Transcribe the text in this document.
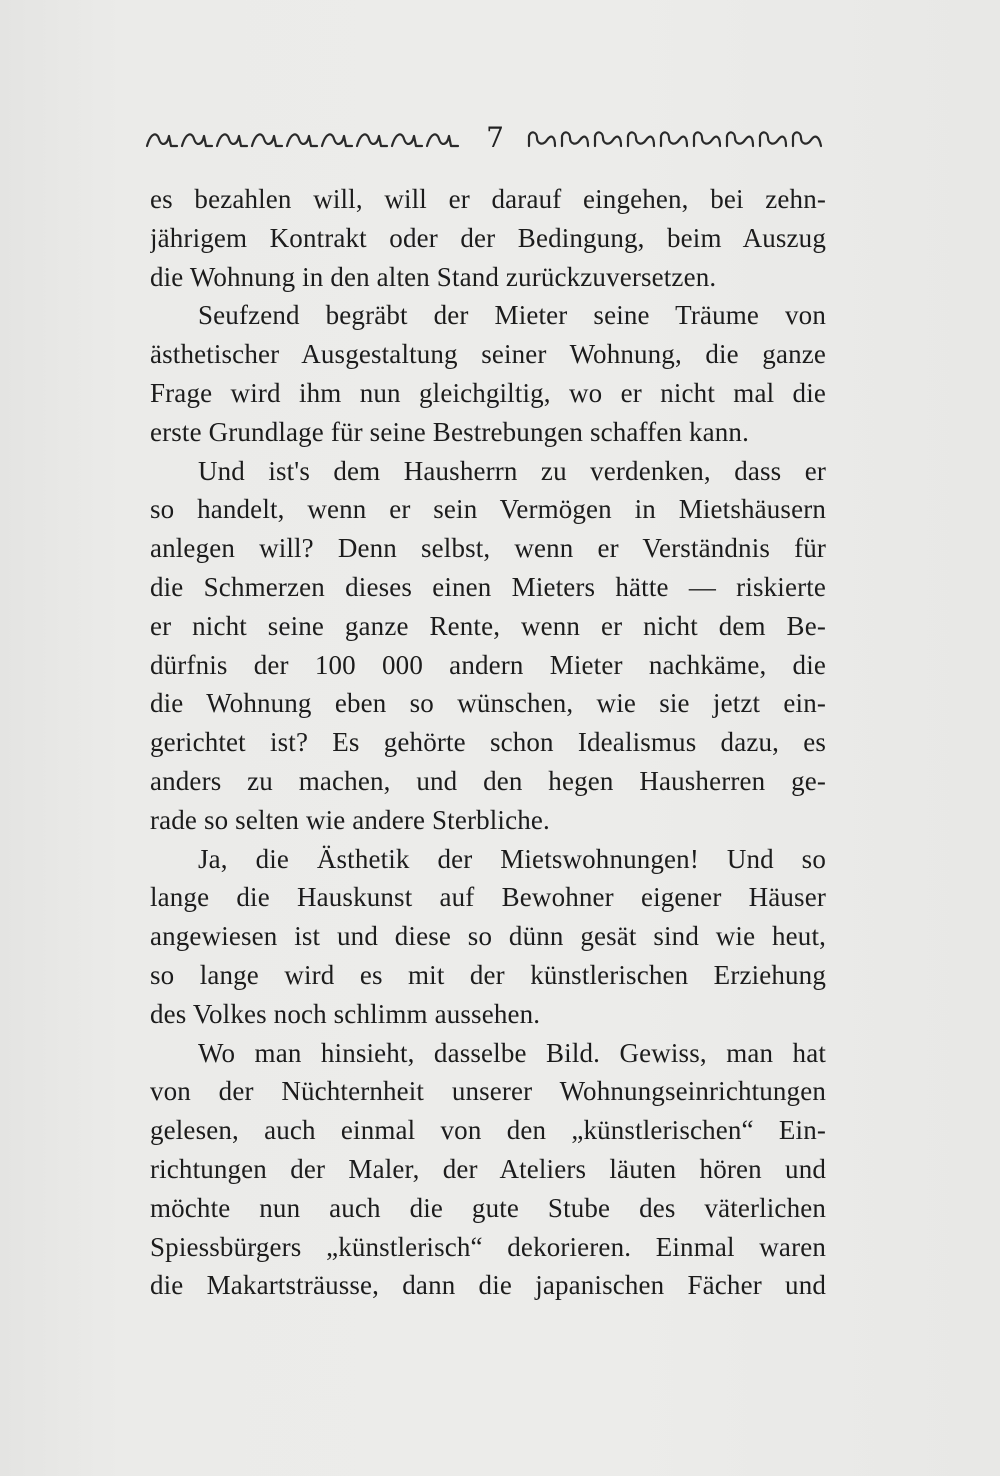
7
es bezahlen will, will er darauf eingehen, bei zehn-
jährigem Kontrakt oder der Bedingung, beim Auszug
die Wohnung in den alten Stand zurückzuversetzen.
Seufzend begräbt der Mieter seine Träume von
ästhetischer Ausgestaltung seiner Wohnung, die ganze
Frage wird ihm nun gleichgiltig, wo er nicht mal die
erste Grundlage für seine Bestrebungen schaffen kann.
Und ist's dem Hausherrn zu verdenken, dass er
so handelt, wenn er sein Vermögen in Mietshäusern
anlegen will? Denn selbst, wenn er Verständnis für
die Schmerzen dieses einen Mieters hätte — riskierte
er nicht seine ganze Rente, wenn er nicht dem Be-
dürfnis der 100 000 andern Mieter nachkäme, die
die Wohnung eben so wünschen, wie sie jetzt ein-
gerichtet ist? Es gehörte schon Idealismus dazu, es
anders zu machen, und den hegen Hausherren ge-
rade so selten wie andere Sterbliche.
Ja, die Ästhetik der Mietswohnungen! Und so
lange die Hauskunst auf Bewohner eigener Häuser
angewiesen ist und diese so dünn gesät sind wie heut,
so lange wird es mit der künstlerischen Erziehung
des Volkes noch schlimm aussehen.
Wo man hinsieht, dasselbe Bild. Gewiss, man hat
von der Nüchternheit unserer Wohnungseinrichtungen
gelesen, auch einmal von den „künstlerischen“ Ein-
richtungen der Maler, der Ateliers läuten hören und
möchte nun auch die gute Stube des väterlichen
Spiessbürgers „künstlerisch“ dekorieren. Einmal waren
die Makartsträusse, dann die japanischen Fächer und
